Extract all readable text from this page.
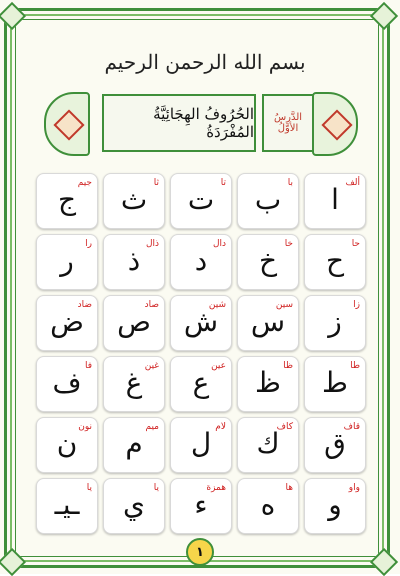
بسم الله الرحمن الرحيم
الحُرُوفُ الهِجَائِيَّةُ المُفْرَدَةُ
الدَّرسُ الأوَّلُ
ألف
ا
با
ب
تا
ت
ثا
ث
جيم
ج
حا
ح
خا
خ
دال
د
ذال
ذ
را
ر
زا
ز
سين
س
شين
ش
صاد
ص
ضاد
ض
طا
ط
ظا
ظ
عين
ع
غين
غ
فا
ف
قاف
ق
كاف
ك
لام
ل
ميم
م
نون
ن
واو
و
ها
ه
همزة
ء
يا
ي
يا
ـيـ
١
